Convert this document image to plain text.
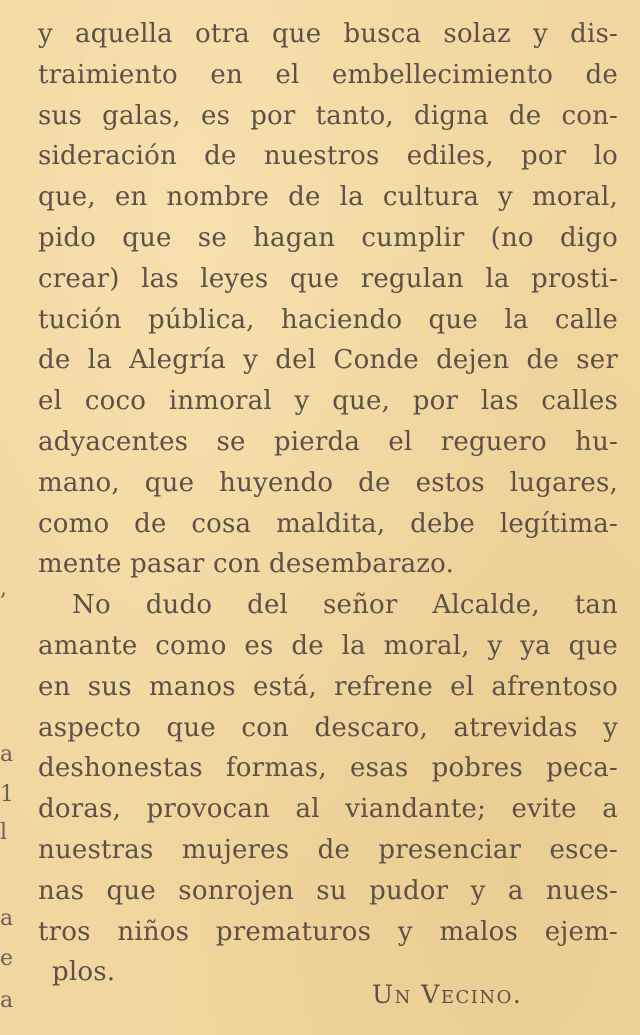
a
1
l
a
e
a
,
y aquella otra que busca solaz y dis-
traimiento en el embellecimiento de
sus galas, es por tanto, digna de con-
sideración de nuestros ediles, por lo
que, en nombre de la cultura y moral,
pido que se hagan cumplir (no digo
crear) las leyes que regulan la prosti-
tución pública, haciendo que la calle
de la Alegría y del Conde dejen de ser
el coco inmoral y que, por las calles
adyacentes se pierda el reguero hu-
mano, que huyendo de estos lugares,
como de cosa maldita, debe legítima-
mente pasar con desembarazo.
No dudo del señor Alcalde, tan
amante como es de la moral, y ya que
en sus manos está, refrene el afrentoso
aspecto que con descaro, atrevidas y
deshonestas formas, esas pobres peca-
doras, provocan al viandante; evite a
nuestras mujeres de presenciar esce-
nas que sonrojen su pudor y a nues-
tros niños prematuros y malos ejem-
plos.
Un Vecino.
